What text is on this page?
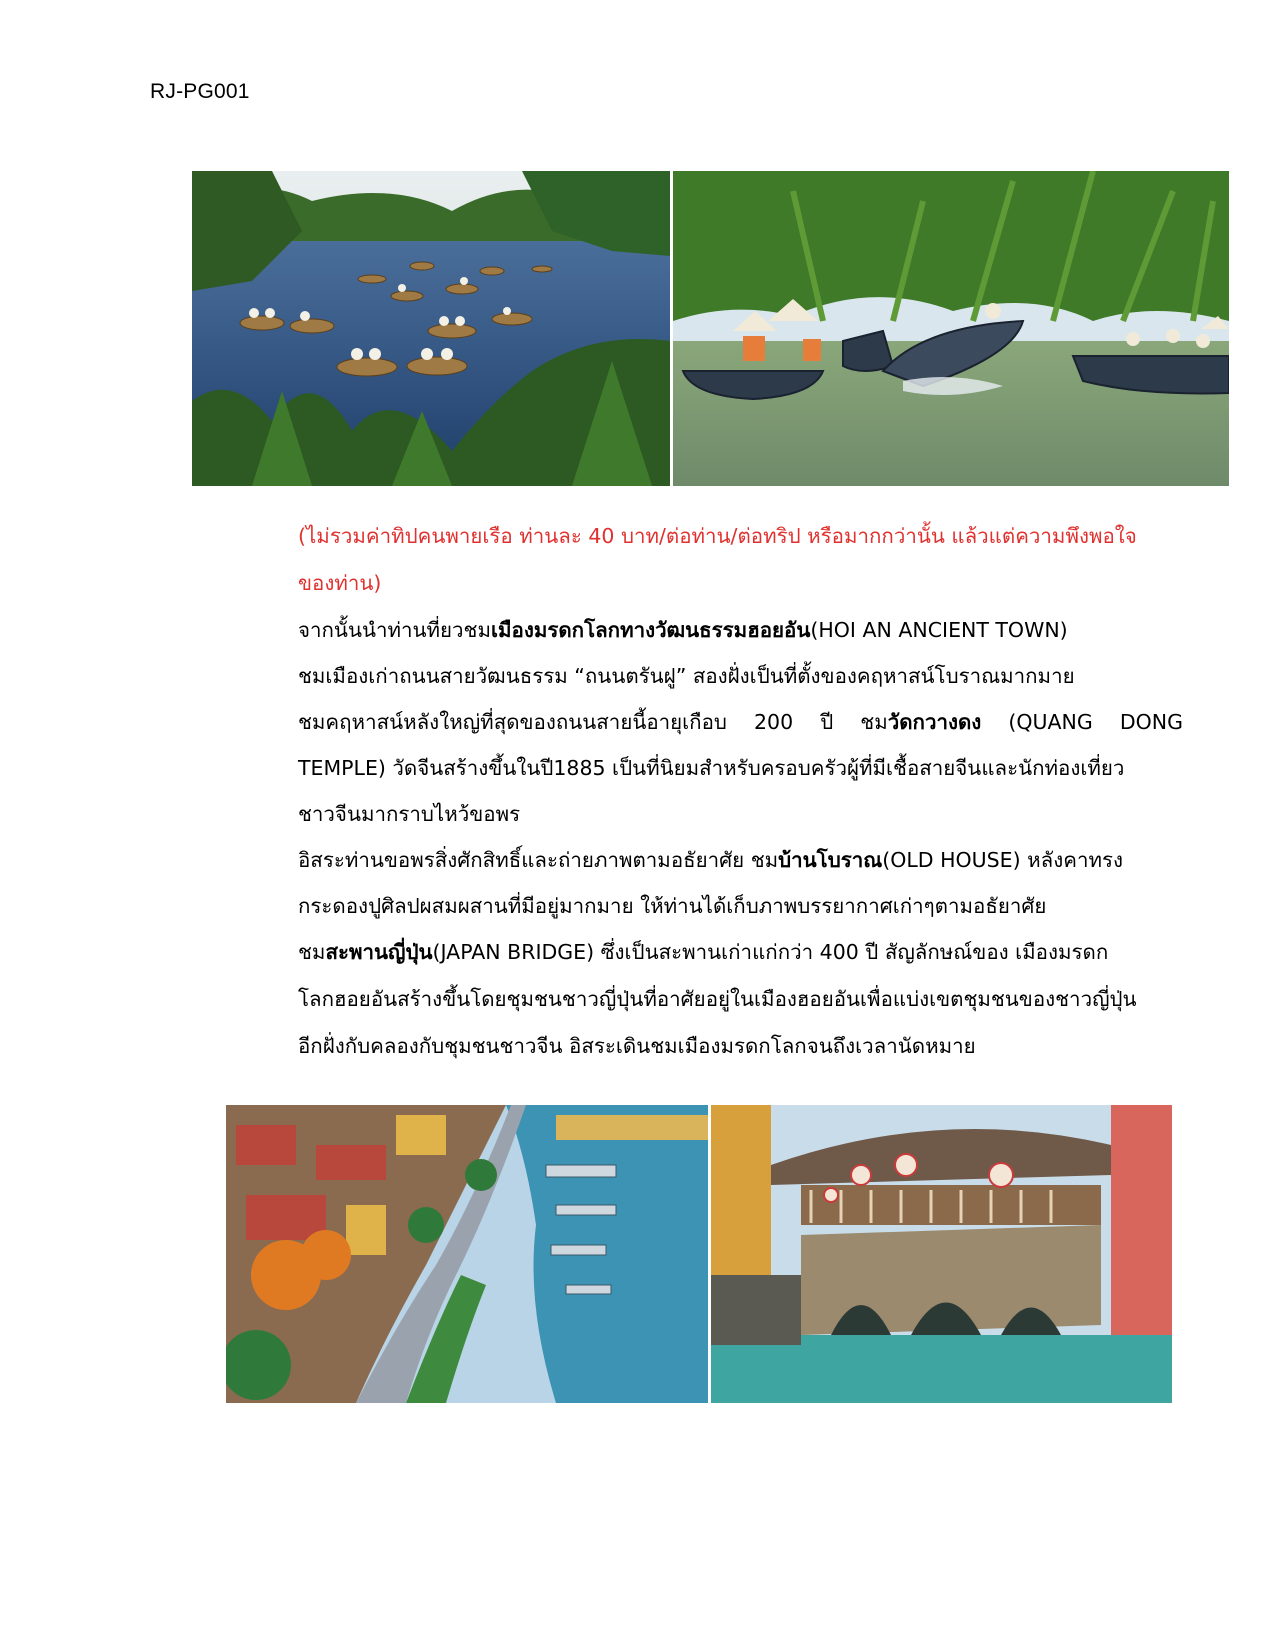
RJ-PG001
(ไม่รวมค่าทิปคนพายเรือ ท่านละ 40 บาท/ต่อท่าน/ต่อทริป หรือมากกว่านั้น แล้วแต่ความพึงพอใจ
ของท่าน)
จากนั้นนำท่านที่ยวชม เมืองมรดกโลกทางวัฒนธรรมฮอยอัน (HOI AN ANCIENT TOWN)
ชมเมืองเก่าถนนสายวัฒนธรรม “ถนนตรันฝู” สองฝั่งเป็นที่ตั้งของคฤหาสน์โบราณมากมาย
ชมคฤหาสน์หลังใหญ่ที่สุดของถนนสายนี้อายุเกือบ 200 ปี ชมวัดกวางดง (QUANG DONG
TEMPLE) วัดจีนสร้างขึ้นในปี1885 เป็นที่นิยมสำหรับครอบครัวผู้ที่มีเชื้อสายจีนและนักท่องเที่ยว
ชาวจีนมากราบไหว้ขอพร
อิสระท่านขอพรสิ่งศักสิทธิ์และถ่ายภาพตามอธัยาศัย ชม บ้านโบราณ (OLD HOUSE) หลังคาทรง
กระดองปูศิลปผสมผสานที่มีอยู่มากมาย ให้ท่านได้เก็บภาพบรรยากาศเก่าๆตามอธัยาศัย
ชม สะพานญี่ปุ่น (JAPAN BRIDGE) ซึ่งเป็นสะพานเก่าแก่กว่า 400 ปี สัญลักษณ์ของ เมืองมรดก
โลกฮอยอันสร้างขึ้นโดยชุมชนชาวญี่ปุ่นที่อาศัยอยู่ในเมืองฮอยอันเพื่อแบ่งเขตชุมชนของชาวญี่ปุ่น
อีกฝั่งกับคลองกับชุมชนชาวจีน อิสระเดินชมเมืองมรดกโลกจนถึงเวลานัดหมาย
